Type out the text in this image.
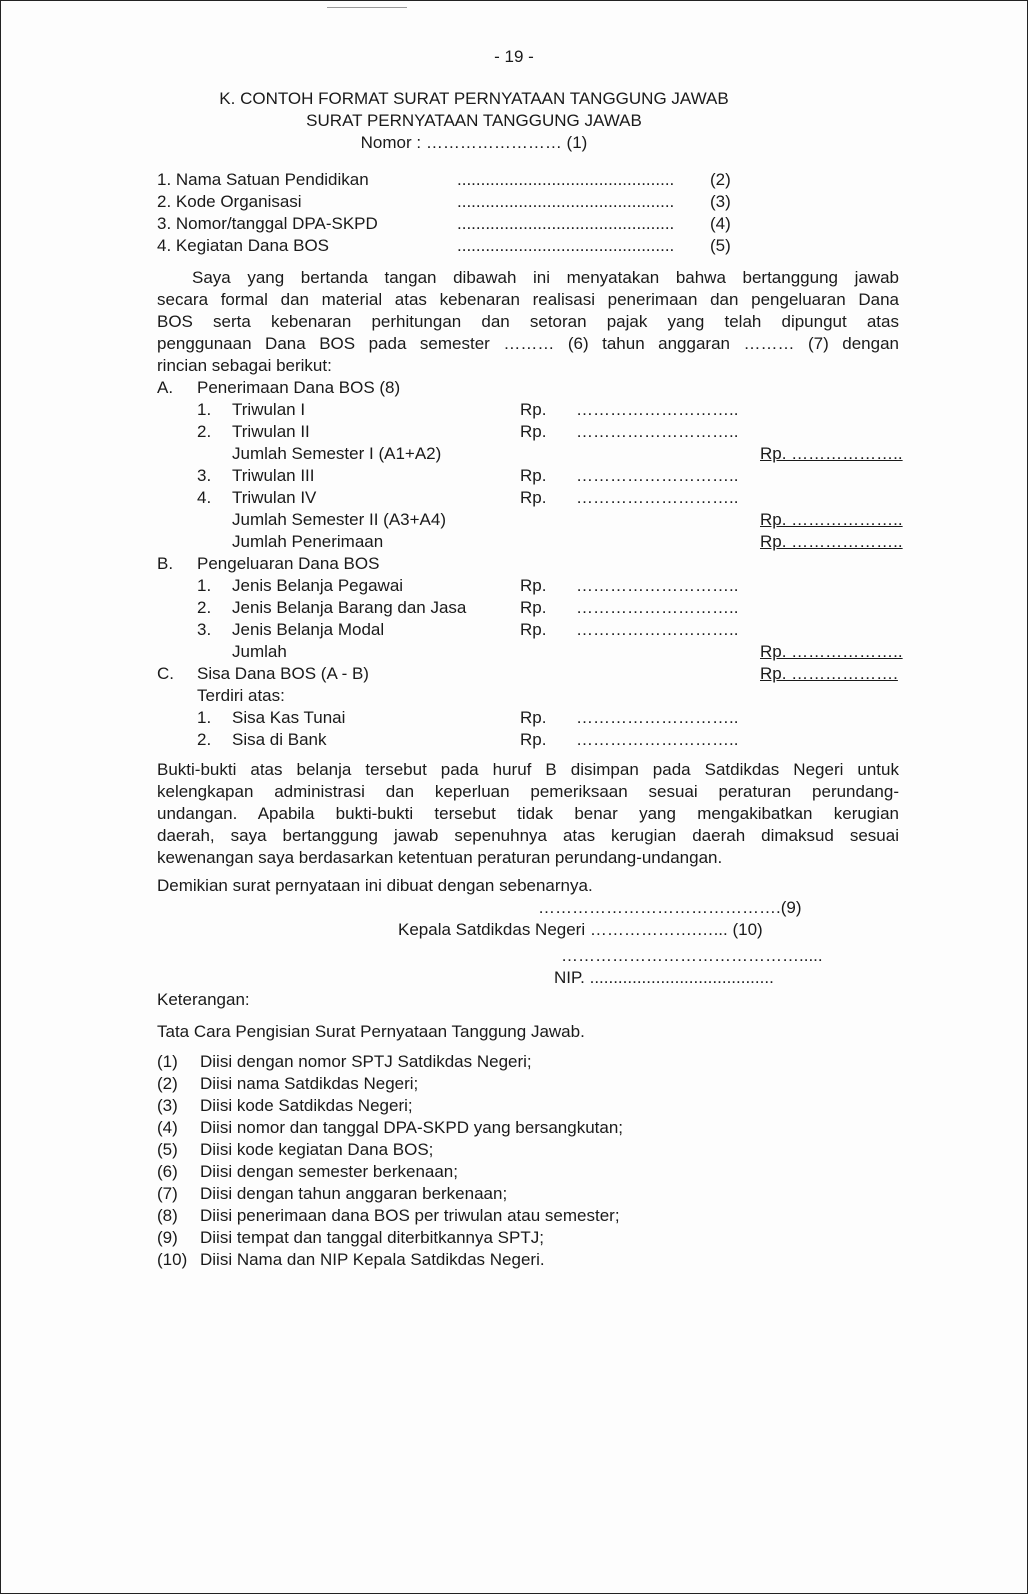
- 19 -
K. CONTOH FORMAT SURAT PERNYATAAN TANGGUNG JAWAB
SURAT PERNYATAAN TANGGUNG JAWAB
Nomor : …………………… (1)
1. Nama Satuan Pendidikan	.............................................. (2)
2. Kode Organisasi	.............................................. (3)
3. Nomor/tanggal DPA-SKPD	.............................................. (4)
4. Kegiatan Dana BOS	.............................................. (5)
Saya yang bertanda tangan dibawah ini menyatakan bahwa bertanggung jawab
secara formal dan material atas kebenaran realisasi penerimaan dan pengeluaran Dana
BOS serta kebenaran perhitungan dan setoran pajak yang telah dipungut atas
penggunaan Dana BOS pada semester ……… (6) tahun anggaran ……… (7) dengan
rincian sebagai berikut:
A. Penerimaan Dana BOS (8)
1. Triwulan I	Rp. ………………………..
2. Triwulan II	Rp. ………………………..
Jumlah Semester I (A1+A2)	Rp. ………………..
3. Triwulan III	Rp. ………………………..
4. Triwulan IV	Rp. ………………………..
Jumlah Semester II (A3+A4)	Rp. ………………..
Jumlah Penerimaan	Rp. ………………..
B. Pengeluaran Dana BOS
1. Jenis Belanja Pegawai	Rp. ………………………..
2. Jenis Belanja Barang dan Jasa	Rp. ………………………..
3. Jenis Belanja Modal	Rp. ………………………..
Jumlah	Rp. ………………..
C. Sisa Dana BOS (A - B)	Rp. ……………….
Terdiri atas:
1. Sisa Kas Tunai	Rp. ………………………..
2. Sisa di Bank	Rp. ………………………..
Bukti-bukti atas belanja tersebut pada huruf B disimpan pada Satdikdas Negeri untuk
kelengkapan administrasi dan keperluan pemeriksaan sesuai peraturan perundang-
undangan. Apabila bukti-bukti tersebut tidak benar yang mengakibatkan kerugian
daerah, saya bertanggung jawab sepenuhnya atas kerugian daerah dimaksud sesuai
kewenangan saya berdasarkan ketentuan peraturan perundang-undangan.
Demikian surat pernyataan ini dibuat dengan sebenarnya.
…………………………………….(9)
Kepala Satdikdas Negeri ……………….…... (10)
…………………………………….....
NIP. .......................................
Keterangan:
Tata Cara Pengisian Surat Pernyataan Tanggung Jawab.
(1) Diisi dengan nomor SPTJ Satdikdas Negeri;
(2) Diisi nama Satdikdas Negeri;
(3) Diisi kode Satdikdas Negeri;
(4) Diisi nomor dan tanggal DPA-SKPD yang bersangkutan;
(5) Diisi kode kegiatan Dana BOS;
(6) Diisi dengan semester berkenaan;
(7) Diisi dengan tahun anggaran berkenaan;
(8) Diisi penerimaan dana BOS per triwulan atau semester;
(9) Diisi tempat dan tanggal diterbitkannya SPTJ;
(10) Diisi Nama dan NIP Kepala Satdikdas Negeri.
